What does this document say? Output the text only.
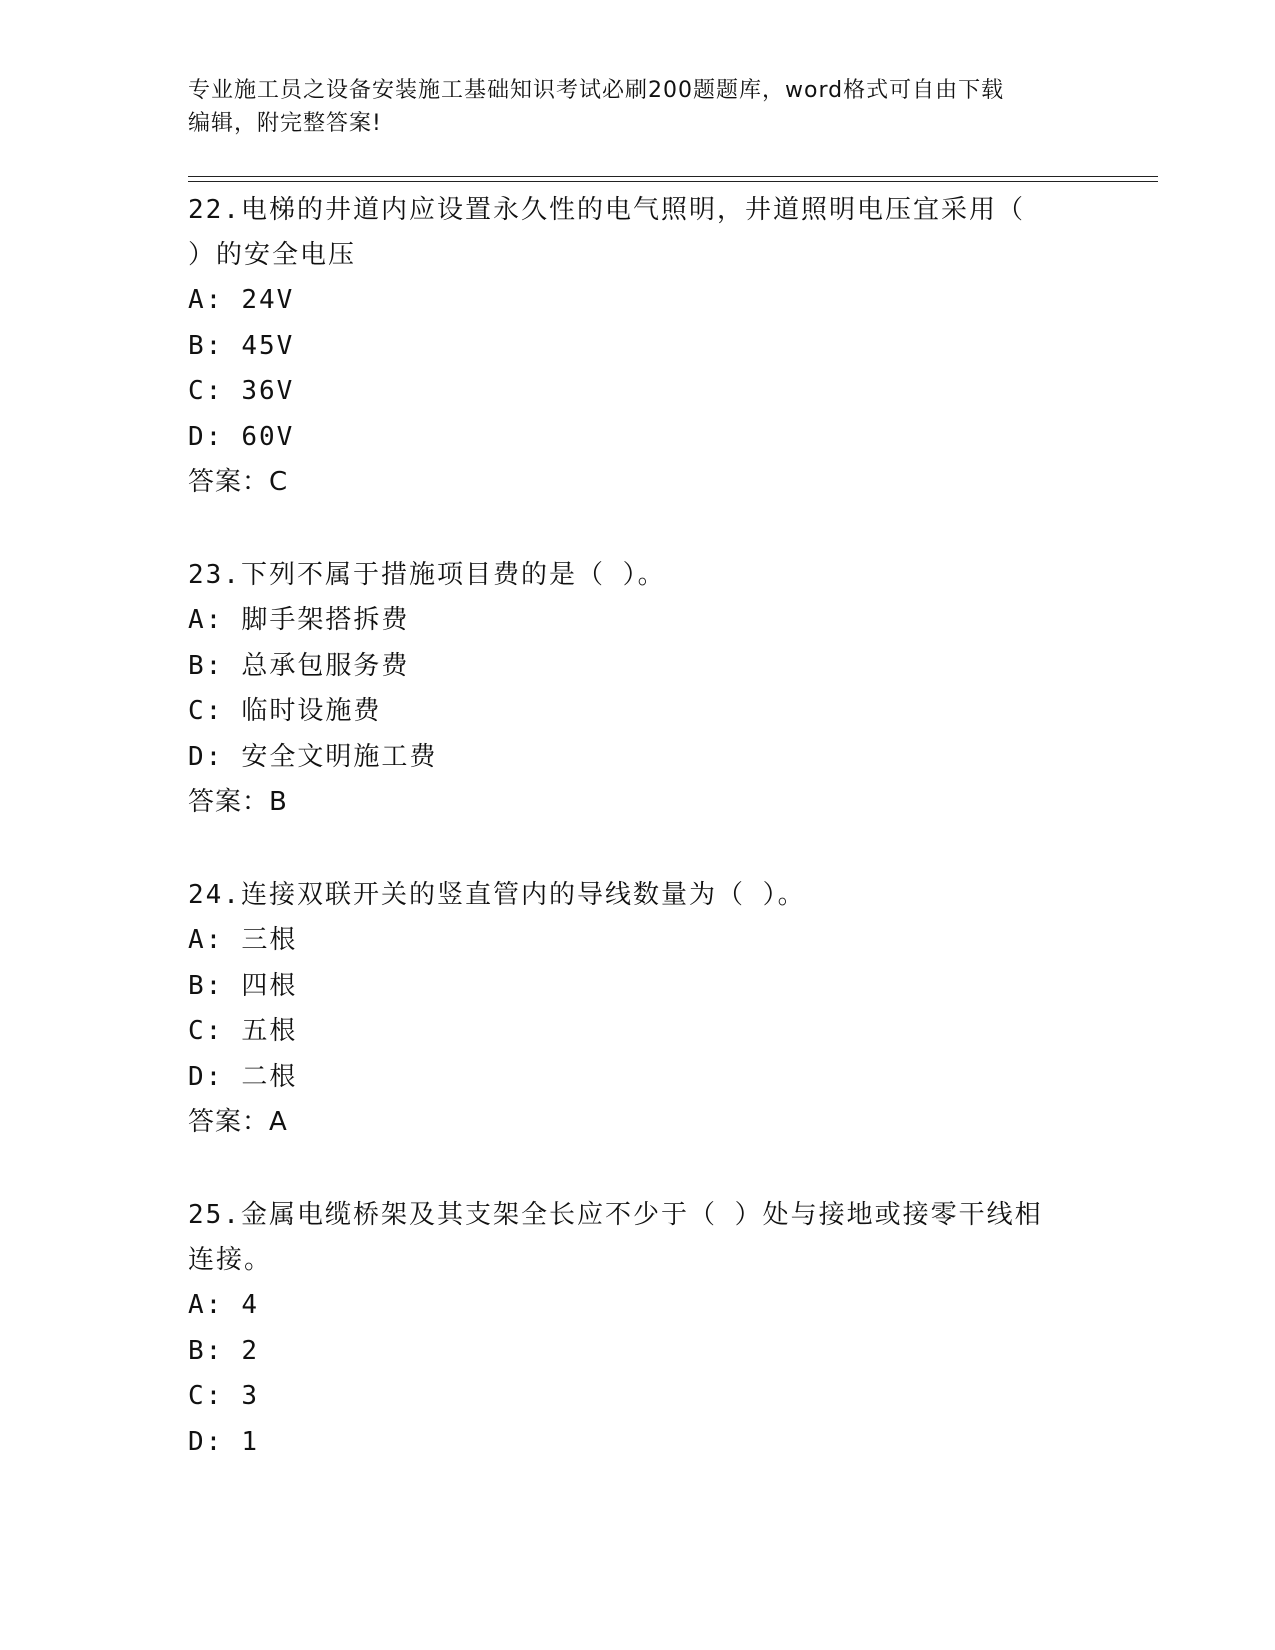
专业施工员之设备安装施工基础知识考试必刷200题题库，word格式可自由下载
编辑，附完整答案!

22.电梯的井道内应设置永久性的电气照明，井道照明电压宜采用（
）的安全电压

A: 24V
B: 45V
C: 36V
D: 60V
答案：C

23.下列不属于措施项目费的是（ ）。

A: 脚手架搭拆费
B: 总承包服务费
C: 临时设施费
D: 安全文明施工费
答案：B

24.连接双联开关的竖直管内的导线数量为（ ）。

A: 三根
B: 四根
C: 五根
D: 二根
答案：A

25.金属电缆桥架及其支架全长应不少于（ ）处与接地或接零干线相
连接。

A: 4
B: 2
C: 3
D: 1
